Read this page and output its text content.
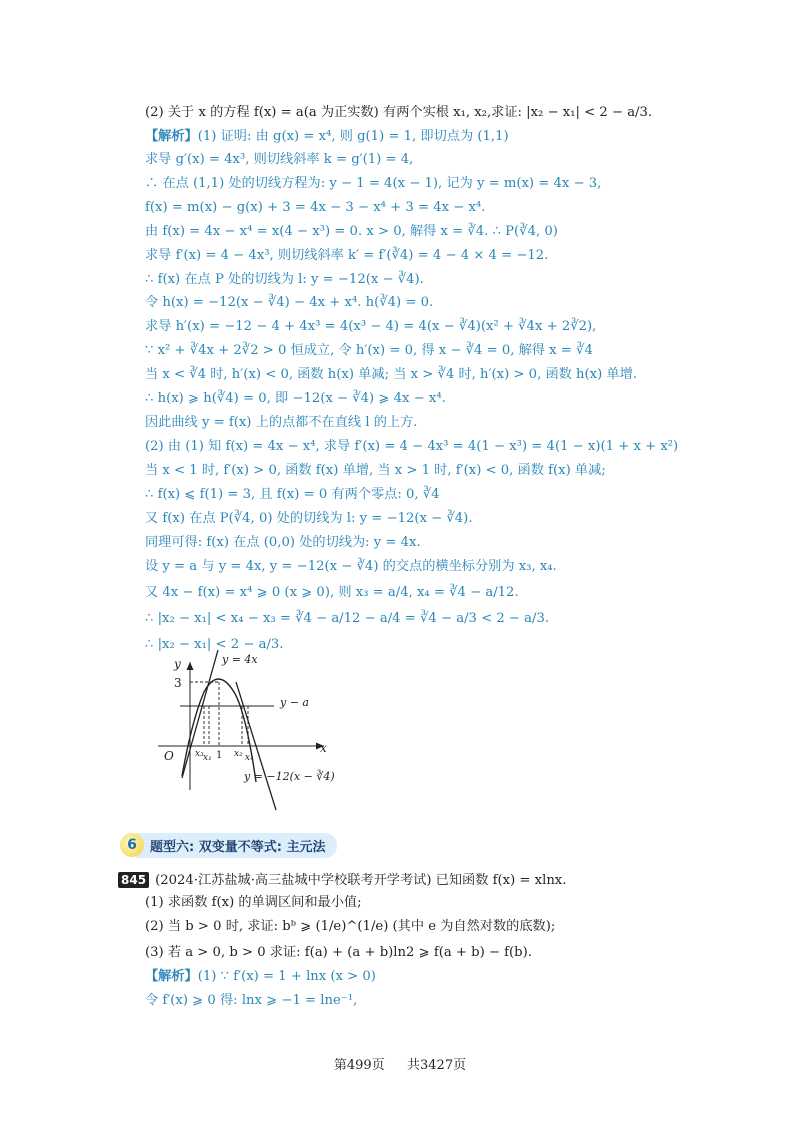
(2) 关于 x 的方程 f(x) = a(a 为正实数) 有两个实根 x₁, x₂,求证: |x₂ − x₁| < 2 − a/3.
【解析】(1) 证明: 由 g(x) = x⁴, 则 g(1) = 1, 即切点为 (1,1)
求导 g′(x) = 4x³, 则切线斜率 k = g′(1) = 4,
∴ 在点 (1,1) 处的切线方程为: y − 1 = 4(x − 1), 记为 y = m(x) = 4x − 3,
f(x) = m(x) − g(x) + 3 = 4x − 3 − x⁴ + 3 = 4x − x⁴.
由 f(x) = 4x − x⁴ = x(4 − x³) = 0. x > 0, 解得 x = ∛4. ∴ P(∛4, 0)
求导 f′(x) = 4 − 4x³, 则切线斜率 k′ = f′(∛4) = 4 − 4 × 4 = −12.
∴ f(x) 在点 P 处的切线为 l: y = −12(x − ∛4).
令 h(x) = −12(x − ∛4) − 4x + x⁴. h(∛4) = 0.
求导 h′(x) = −12 − 4 + 4x³ = 4(x³ − 4) = 4(x − ∛4)(x² + ∛4x + 2∛2),
∵ x² + ∛4x + 2∛2 > 0 恒成立, 令 h′(x) = 0, 得 x − ∛4 = 0, 解得 x = ∛4
当 x < ∛4 时, h′(x) < 0, 函数 h(x) 单减; 当 x > ∛4 时, h′(x) > 0, 函数 h(x) 单增.
∴ h(x) ⩾ h(∛4) = 0, 即 −12(x − ∛4) ⩾ 4x − x⁴.
因此曲线 y = f(x) 上的点都不在直线 l 的上方.
(2) 由 (1) 知 f(x) = 4x − x⁴, 求导 f′(x) = 4 − 4x³ = 4(1 − x³) = 4(1 − x)(1 + x + x²)
当 x < 1 时, f′(x) > 0, 函数 f(x) 单增, 当 x > 1 时, f′(x) < 0, 函数 f(x) 单减;
∴ f(x) ⩽ f(1) = 3, 且 f(x) = 0 有两个零点: 0, ∛4
又 f(x) 在点 P(∛4, 0) 处的切线为 l: y = −12(x − ∛4).
同理可得: f(x) 在点 (0,0) 处的切线为: y = 4x.
设 y = a 与 y = 4x, y = −12(x − ∛4) 的交点的横坐标分别为 x₃, x₄.
又 4x − f(x) = x⁴ ⩾ 0 (x ⩾ 0), 则 x₃ = a/4, x₄ = ∛4 − a/12.
∴ |x₂ − x₁| < x₄ − x₃ = ∛4 − a/12 − a/4 = ∛4 − a/3 < 2 − a/3.
∴ |x₂ − x₁| < 2 − a/3.
y
x
O
3
y = 4x
y − a
y = −12(x − ∛4)
x₃ x₁ 1 x₂ x₄
6	题型六: 双变量不等式: 主元法
845 (2024·江苏盐城·高三盐城中学校联考开学考试) 已知函数 f(x) = xlnx.
(1) 求函数 f(x) 的单调区间和最小值;
(2) 当 b > 0 时, 求证: bᵇ ⩾ (1/e)^(1/e) (其中 e 为自然对数的底数);
(3) 若 a > 0, b > 0 求证: f(a) + (a + b)ln2 ⩾ f(a + b) − f(b).
【解析】(1) ∵ f′(x) = 1 + lnx (x > 0)
令 f′(x) ⩾ 0 得: lnx ⩾ −1 = lne⁻¹,
第499页 共3427页
